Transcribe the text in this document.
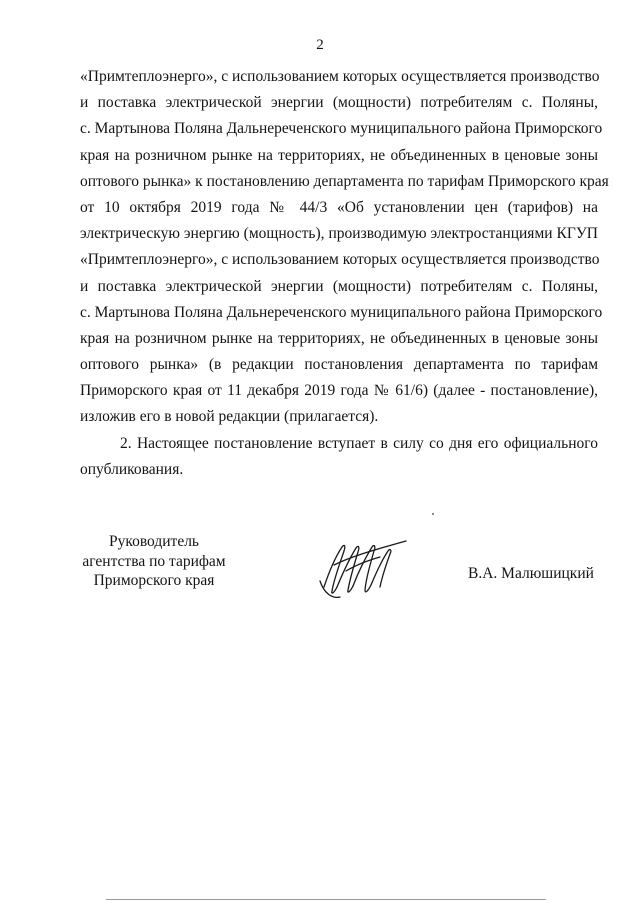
2
«Примтеплоэнерго», с использованием которых осуществляется производство
и поставка электрической энергии (мощности) потребителям с. Поляны,
с. Мартынова Поляна Дальнереченского муниципального района Приморского
края на розничном рынке на территориях, не объединенных в ценовые зоны
оптового рынка» к постановлению департамента по тарифам Приморского края
от 10 октября 2019 года № 44/3 «Об установлении цен (тарифов) на
электрическую энергию (мощность), производимую электростанциями КГУП
«Примтеплоэнерго», с использованием которых осуществляется производство
и поставка электрической энергии (мощности) потребителям с. Поляны,
с. Мартынова Поляна Дальнереченского муниципального района Приморского
края на розничном рынке на территориях, не объединенных в ценовые зоны
оптового рынка» (в редакции постановления департамента по тарифам
Приморского края от 11 декабря 2019 года № 61/6) (далее - постановление),
изложив его в новой редакции (прилагается).
2. Настоящее постановление вступает в силу со дня его официального
опубликования.
Руководитель
агентства по тарифам
Приморского края	В.А. Малюшицкий
